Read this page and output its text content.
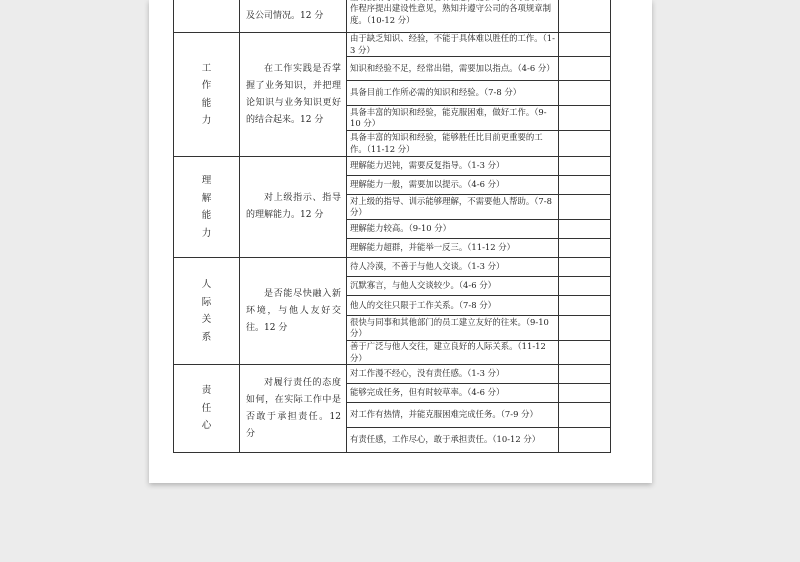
	及公司情况。12 分	作程序提出建设性意见，熟知并遵守公司的各项规章制度。（10-12 分）	

工
作
能
力	在工作实践是否掌握了业务知识，并把理论知识与业务知识更好的结合起来。12 分	由于缺乏知识、经验，不能于具体难以胜任的工作。（1-3 分）	
		知识和经验不足，经常出错，需要加以指点。（4-6 分）	
		具备目前工作所必需的知识和经验。（7-8 分）	
		具备丰富的知识和经验，能克服困难，做好工作。（9-10 分）	
		具备丰富的知识和经验，能够胜任比目前更重要的工作。（11-12 分）	

理
解
能
力	对上级指示、指导的理解能力。12 分	理解能力迟钝，需要反复指导。（1-3 分）	
		理解能力一般，需要加以提示。（4-6 分）	
		对上级的指导、训示能够理解，不需要他人帮助。（7-8 分）	
		理解能力较高。（9-10 分）	
		理解能力超群，并能举一反三。（11-12 分）	

人
际
关
系	是否能尽快融入新环境，与他人友好交往。12 分	待人冷漠，不善于与他人交谈。（1-3 分）	
		沉默寡言，与他人交谈较少。（4-6 分）	
		他人的交往只限于工作关系。（7-8 分）	
		很快与同事和其他部门的员工建立友好的往来。（9-10 分）	
		善于广泛与他人交往，建立良好的人际关系。（11-12 分）	

责
任
心	对履行责任的态度如何，在实际工作中是否敢于承担责任。12 分	对工作漫不经心，没有责任感。（1-3 分）	
		能够完成任务，但有时较草率。（4-6 分）	
		对工作有热情，并能克服困难完成任务。（7-9 分）	
		有责任感，工作尽心，敢于承担责任。（10-12 分）	
